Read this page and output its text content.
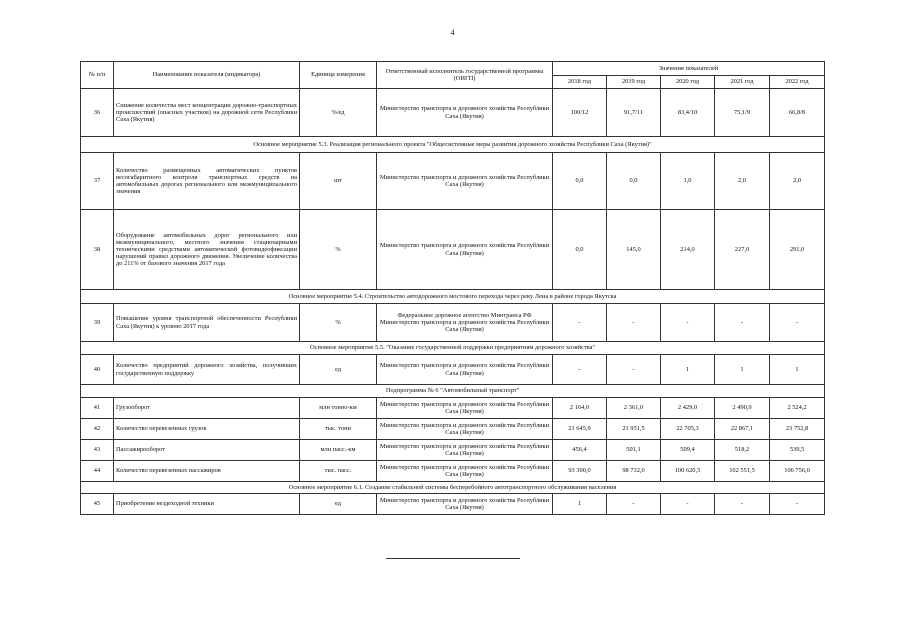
4
№ п/п	Наименование показателя (индикатора)	Единица измерения	Ответственный исполнитель государственной программы (ОИГП)	Значения показателей				
				2018 год	2019 год	2020 год	2021 год	2022 год
36	Снижение количества мест концентрации дорожно-транспортных происшествий (опасных участков) на дорожной сети Республики Саха (Якутия)	%/ед	Министерство транспорта и дорожного хозяйства Республики Саха (Якутия)	100/12	91,7/11	83,4/10	75,1/9	66,8/8
Основное мероприятие 5.3. Реализация регионального проекта "Общесистемные меры развития дорожного хозяйства Республики Саха (Якутия)"								
37	Количество размещенных автоматических пунктов весогабаритного контроля транспортных средств на автомобильных дорогах регионального или межмуниципального значения	шт	Министерство транспорта и дорожного хозяйства Республики Саха (Якутия)	0,0	0,0	1,0	2,0	2,0
38	Оборудование автомобильных дорог регионального или межмуниципального, местного значения стационарными техническими средствами автоматической фотовидеофиксации нарушений правил дорожного движения. Увеличение количества до 211% от базового значения 2017 года	%	Министерство транспорта и дорожного хозяйства Республики Саха (Якутия)	0,0	145,0	214,0	227,0	291,0
Основное мероприятие 5.4. Строительство автодорожного мостового перехода через реку Лена в районе города Якутска								
39	Повышение уровня транспортной обеспеченности Республики Саха (Якутия) к уровню 2017 года	%	Федеральное дорожное агентство Минтранса РФ Министерство транспорта и дорожного хозяйства Республики Саха (Якутия)	-	-	-	-	-
Основное мероприятие 5.5. "Оказание государственной поддержки предприятиям дорожного хозяйства"								
40	Количество предприятий дорожного хозяйства, получивших государственную поддержку	ед	Министерство транспорта и дорожного хозяйства Республики Саха (Якутия)	-	-	1	1	1
Подпрограмма № 6 "Автомобильный транспорт"								
41	Грузооборот	млн тонно-км	Министерство транспорта и дорожного хозяйства Республики Саха (Якутия)	2 164,0	2 361,0	2 429,0	2 490,9	2 524,2
42	Количество перевезенных грузов	тыс. тонн	Министерство транспорта и дорожного хозяйства Республики Саха (Якутия)	21 645,9	21 951,5	22 705,3	22 867,1	23 752,8
43	Пассажирооборот	млн пасс.-км	Министерство транспорта и дорожного хозяйства Республики Саха (Якутия)	456,4	501,1	509,4	518,2	539,5
44	Количество перевезенных пассажиров	тыс. пасс.	Министерство транспорта и дорожного хозяйства Республики Саха (Якутия)	93 300,0	98 732,0	100 620,5	102 551,5	106 756,0
Основное мероприятие 6.1. Создание стабильной системы бесперебойного автотранспортного обслуживания населения								
45	Приобретение вездеходной техники	ед	Министерство транспорта и дорожного хозяйства Республики Саха (Якутия)	1	-	-	-	-
